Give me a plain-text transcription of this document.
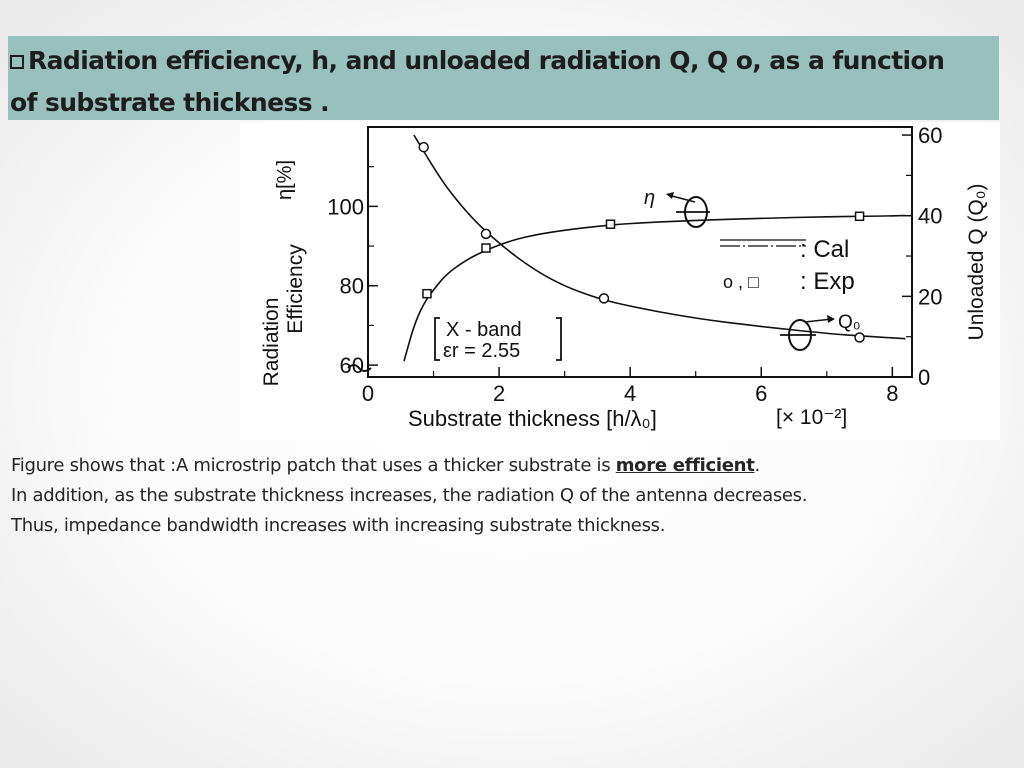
Radiation efficiency, h, and unloaded radiation Q, Q o, as a function
of substrate thickness .
Radiation
Efficiency
η[%]
Unloaded Q (Q₀)
Substrate thickness [h/λ₀]	[× 10⁻²]
X - band
εr = 2.55
: Cal
o , □ : Exp
η
Q₀
0	2	4	6	8
60
80
100
0
20
40
60

Figure shows that :A microstrip patch that uses a thicker substrate is more efficient.

In addition, as the substrate thickness increases, the radiation Q of the antenna decreases.

Thus, impedance bandwidth increases with increasing substrate thickness.
